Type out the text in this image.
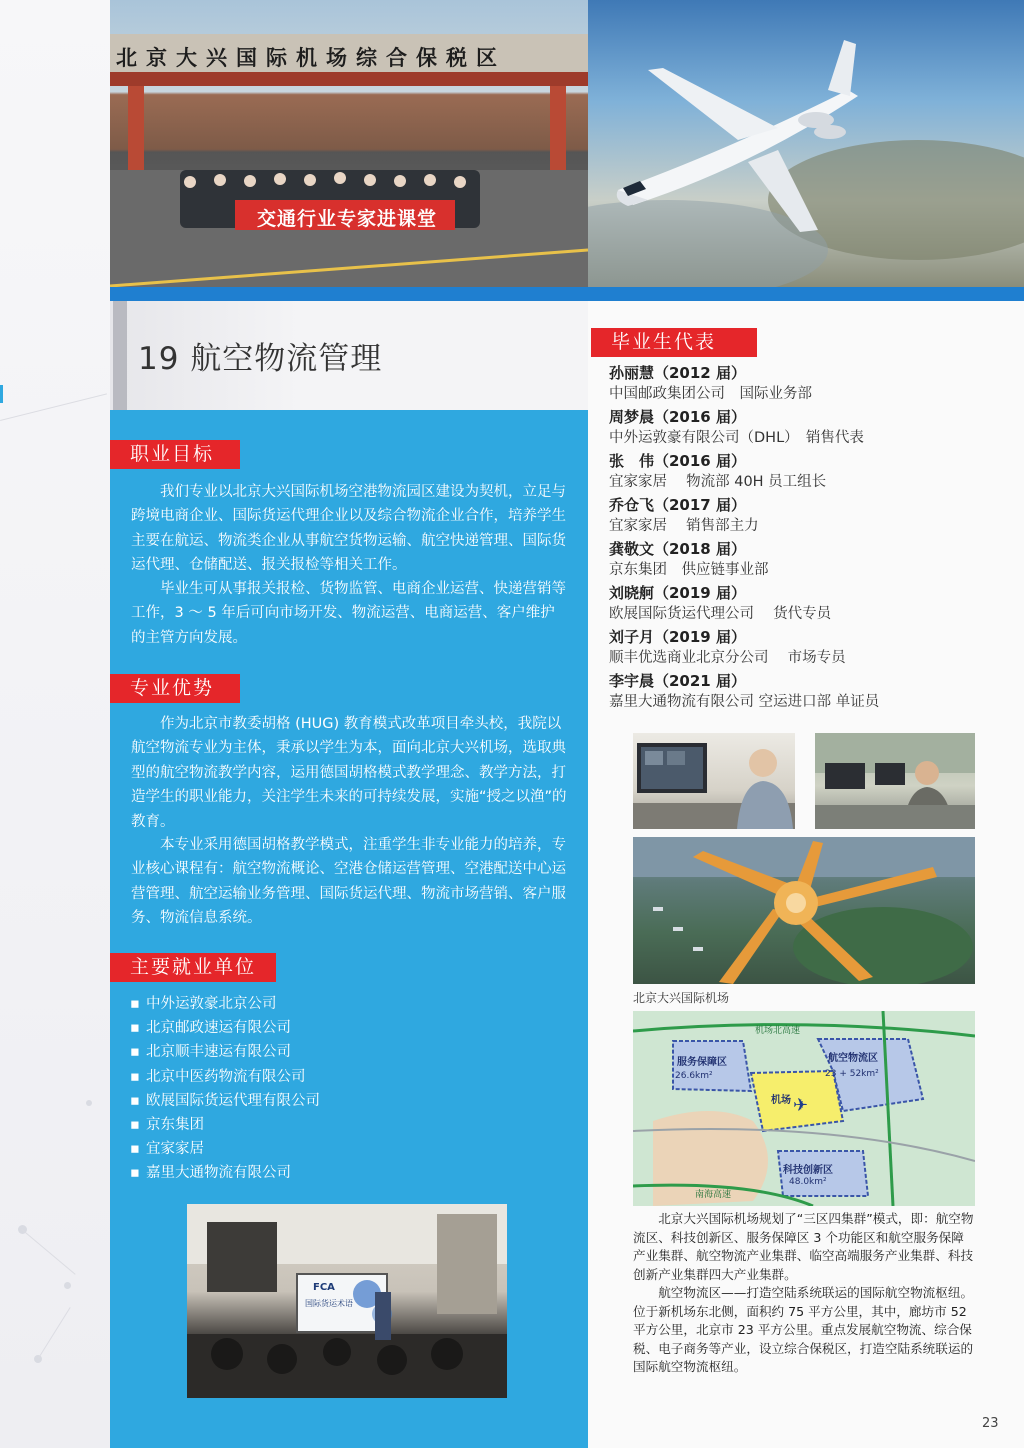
北京大兴国际机场综合保税区
交通行业专家进课堂
19 航空物流管理
职业目标

我们专业以北京大兴国际机场空港物流园区建设为契机，立足与跨境电商企业、国际货运代理企业以及综合物流企业合作，培养学生主要在航运、物流类企业从事航空货物运输、航空快递管理、国际货运代理、仓储配送、报关报检等相关工作。

毕业生可从事报关报检、货物监管、电商企业运营、快递营销等工作，3 ～ 5 年后可向市场开发、物流运营、电商运营、客户维护的主管方向发展。

专业优势

作为北京市教委胡格 (HUG) 教育模式改革项目牵头校，我院以航空物流专业为主体，秉承以学生为本，面向北京大兴机场，选取典型的航空物流教学内容，运用德国胡格模式教学理念、教学方法，打造学生的职业能力，关注学生未来的可持续发展，实施“授之以渔”的教育。

本专业采用德国胡格教学模式，注重学生非专业能力的培养，专业核心课程有：航空物流概论、空港仓储运营管理、空港配送中心运营管理、航空运输业务管理、国际货运代理、物流市场营销、客户服务、物流信息系统。

主要就业单位
▪ 中外运敦豪北京公司
▪ 北京邮政速运有限公司
▪ 北京顺丰速运有限公司
▪ 北京中医药物流有限公司
▪ 欧展国际货运代理有限公司
▪ 京东集团
▪ 宜家家居
▪ 嘉里大通物流有限公司
FCA
国际货运术语
毕业生代表
孙丽慧（2012 届）
中国邮政集团公司　国际业务部
周梦晨（2016 届）
中外运敦豪有限公司（DHL）　销售代表
张　伟（2016 届）
宜家家居　 物流部 40H 员工组长
乔仓飞（2017 届）
宜家家居　 销售部主力
龚敬文（2018 届）
京东集团　供应链事业部
刘晓舸（2019 届）
欧展国际货运代理公司　 货代专员
刘子月（2019 届）
顺丰优选商业北京分公司　 市场专员
李宇晨（2021 届）
嘉里大通物流有限公司 空运进口部 单证员
北京大兴国际机场
服务保障区
26.6km²
航空物流区
23 + 52km²
机场 ✈
科技创新区
48.0km²
机场北高速
南海高速

北京大兴国际机场规划了“三区四集群”模式，即：航空物流区、科技创新区、服务保障区 3 个功能区和航空服务保障产业集群、航空物流产业集群、临空高端服务产业集群、科技创新产业集群四大产业集群。

航空物流区——打造空陆系统联运的国际航空物流枢纽。位于新机场东北侧，面积约 75 平方公里，其中，廊坊市 52 平方公里，北京市 23 平方公里。重点发展航空物流、综合保税、电子商务等产业，设立综合保税区，打造空陆系统联运的国际航空物流枢纽。

23
